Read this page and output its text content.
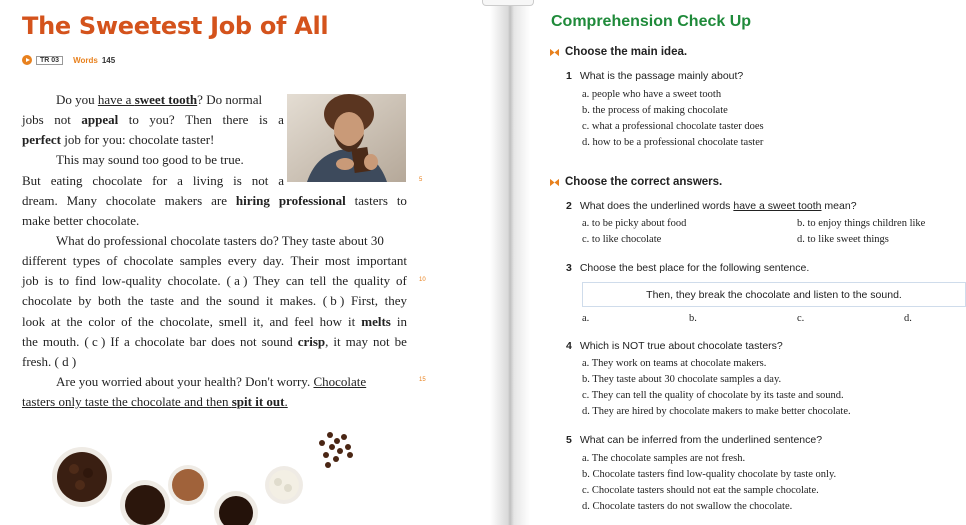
The Sweetest Job of All
TR 03	Words 145
Do you have a sweet tooth? Do normal
jobs not appeal to you? Then there is a
perfect job for you: chocolate taster!
This may sound too good to be true.
But eating chocolate for a living is not a
dream. Many chocolate makers are hiring professional tasters to
make better chocolate.
What do professional chocolate tasters do? They taste about 30
different types of chocolate samples every day. Their most important
job is to find low-quality chocolate. ( a ) They can tell the quality of
chocolate by both the taste and the sound it makes. ( b ) First, they
look at the color of the chocolate, smell it, and feel how it melts in
the mouth. ( c ) If a chocolate bar does not sound crisp, it may not be
fresh. ( d )
Are you worried about your health? Don't worry. Chocolate
tasters only taste the chocolate and then spit it out.
5
10
15
Comprehension Check Up
Choose the main idea.
1 What is the passage mainly about?
a. people who have a sweet tooth
b. the process of making chocolate
c. what a professional chocolate taster does
d. how to be a professional chocolate taster
Choose the correct answers.
2 What does the underlined words have a sweet tooth mean?
a. to be picky about food	b. to enjoy things children like
c. to like chocolate	d. to like sweet things
3 Choose the best place for the following sentence.
Then, they break the chocolate and listen to the sound.
a.	b.	c.	d.
4 Which is NOT true about chocolate tasters?
a. They work on teams at chocolate makers.
b. They taste about 30 chocolate samples a day.
c. They can tell the quality of chocolate by its taste and sound.
d. They are hired by chocolate makers to make better chocolate.
5 What can be inferred from the underlined sentence?
a. The chocolate samples are not fresh.
b. Chocolate tasters find low-quality chocolate by taste only.
c. Chocolate tasters should not eat the sample chocolate.
d. Chocolate tasters do not swallow the chocolate.
